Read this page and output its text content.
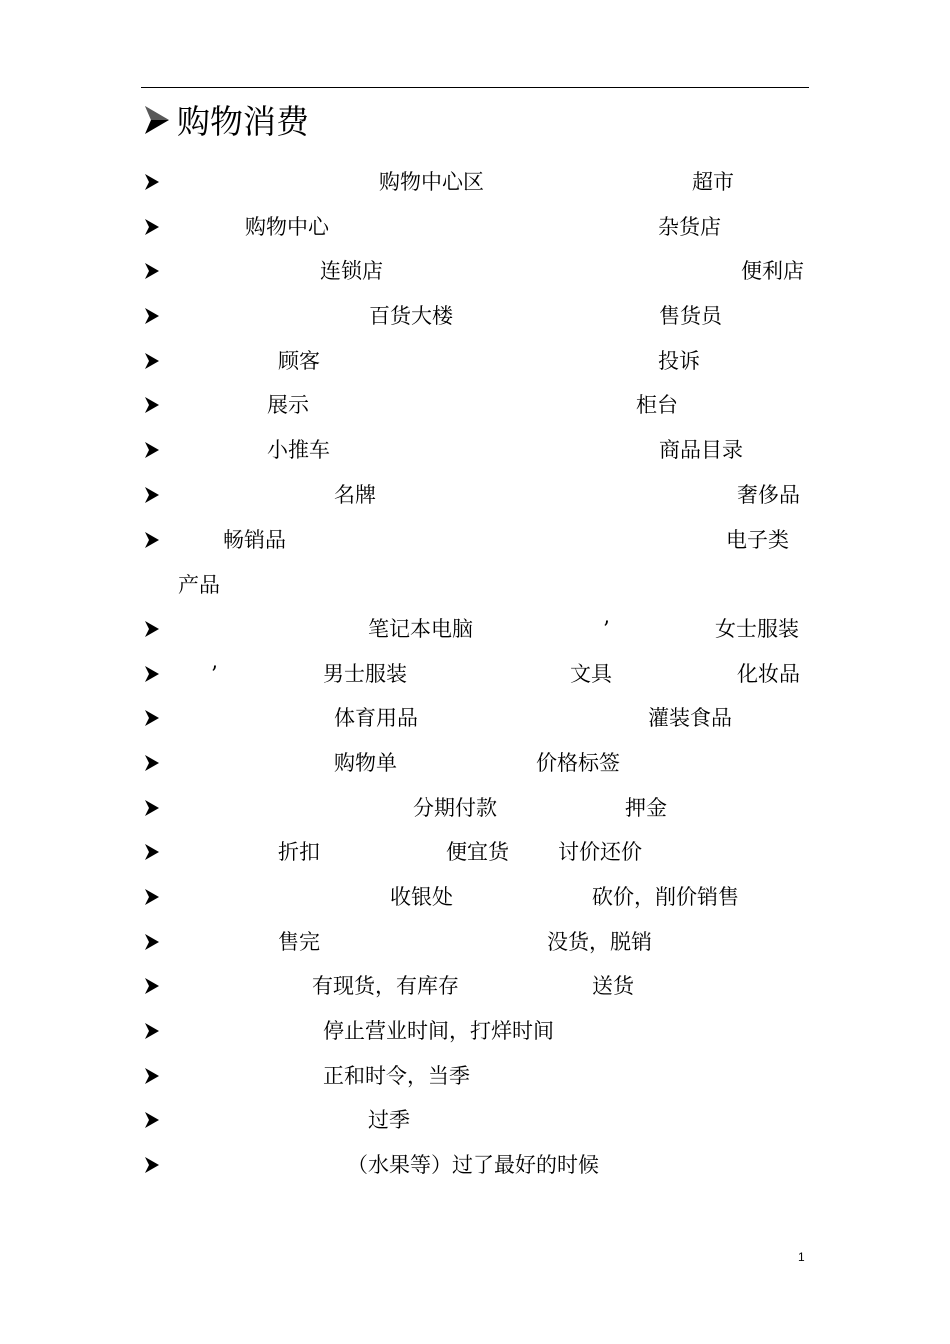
购物消费
购物中心区	超市
购物中心	杂货店
连锁店	便利店
百货大楼	售货员
顾客	投诉
展示	柜台
小推车	商品目录
名牌	奢侈品
畅销品	电子类
产品
笔记本电脑	’	女士服装
’	男士服装	文具	化妆品
体育用品	灌装食品
购物单	价格标签
分期付款	押金
折扣	便宜货 讨价还价
收银处	砍价，削价销售
售完	没货，脱销
有现货，有库存	送货
停止营业时间，打烊时间
正和时令，当季
过季
（水果等）过了最好的时候
1
